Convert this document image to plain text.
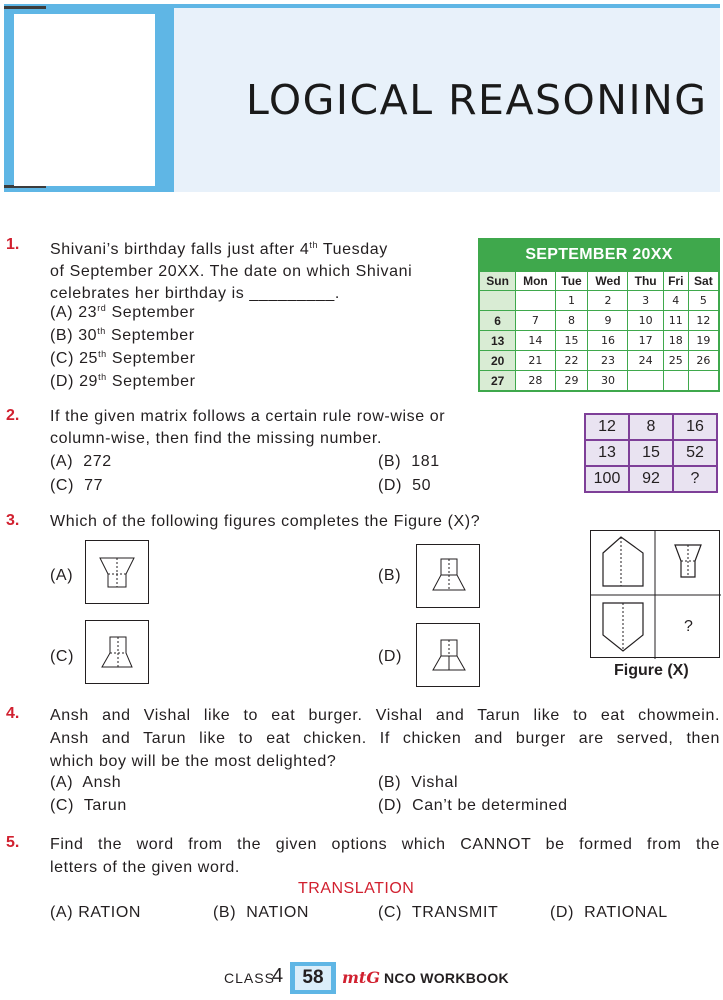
LOGICAL REASONING
1. Shivani’s birthday falls just after 4th Tuesday
of September 20XX. The date on which Shivani
celebrates her birthday is _________.
(A) 23rd September
(B) 30th September
(C) 25th September
(D) 29th September
SEPTEMBER 20XX
Sun	Mon	Tue	Wed	Thu	Fri	Sat
		1	2	3	4	5
6	7	8	9	10	11	12
13	14	15	16	17	18	19
20	21	22	23	24	25	26
27	28	29	30			
2. If the given matrix follows a certain rule row-wise or
column-wise, then find the missing number.
(A) 272	(B) 181
(C) 77	(D) 50
12	8	16
13	15	52
100	92	?
3. Which of the following figures completes the Figure (X)?
(A)	(B)
(C)	(D)
?
Figure (X)
4. Ansh and Vishal like to eat burger. Vishal and Tarun like to eat chowmein.
Ansh and Tarun like to eat chicken. If chicken and burger are served, then
which boy will be the most delighted?
(A) Ansh	(B) Vishal
(C) Tarun	(D) Can’t be determined
5. Find the word from the given options which CANNOT be formed from the
letters of the given word.
TRANSLATION
(A) RATION	(B) NATION	(C) TRANSMIT	(D) RATIONAL
CLASS
4	58	mtG NCO WORKBOOK
